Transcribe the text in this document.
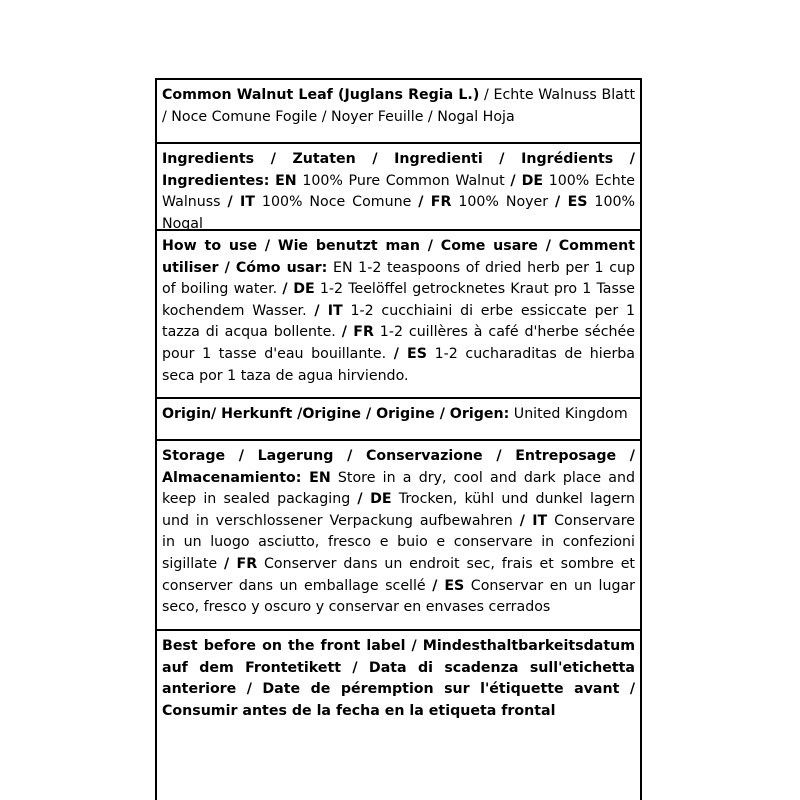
Common Walnut Leaf (Juglans Regia L.) / Echte Walnuss Blatt / Noce Comune Fogile / Noyer Feuille / Nogal Hoja
Ingredients / Zutaten / Ingredienti / Ingrédients / Ingredientes: EN 100% Pure Common Walnut / DE 100% Echte Walnuss / IT 100% Noce Comune / FR 100% Noyer / ES 100% Nogal
How to use / Wie benutzt man / Come usare / Comment utiliser / Cómo usar: EN 1-2 teaspoons of dried herb per 1 cup of boiling water. / DE 1-2 Teelöffel getrocknetes Kraut pro 1 Tasse kochendem Wasser. / IT 1-2 cucchiaini di erbe essiccate per 1 tazza di acqua bollente. / FR 1-2 cuillères à café d'herbe séchée pour 1 tasse d'eau bouillante. / ES 1-2 cucharaditas de hierba seca por 1 taza de agua hirviendo.
Origin/ Herkunft /Origine / Origine / Origen: United Kingdom
Storage / Lagerung / Conservazione / Entreposage / Almacenamiento: EN Store in a dry, cool and dark place and keep in sealed packaging / DE Trocken, kühl und dunkel lagern und in verschlossener Verpackung aufbewahren / IT Conservare in un luogo asciutto, fresco e buio e conservare in confezioni sigillate / FR Conserver dans un endroit sec, frais et sombre et conserver dans un emballage scellé / ES Conservar en un lugar seco, fresco y oscuro y conservar en envases cerrados
Best before on the front label / Mindesthaltbarkeitsdatum auf dem Frontetikett / Data di scadenza sull'etichetta anteriore / Date de péremption sur l'étiquette avant / Consumir antes de la fecha en la etiqueta frontal
